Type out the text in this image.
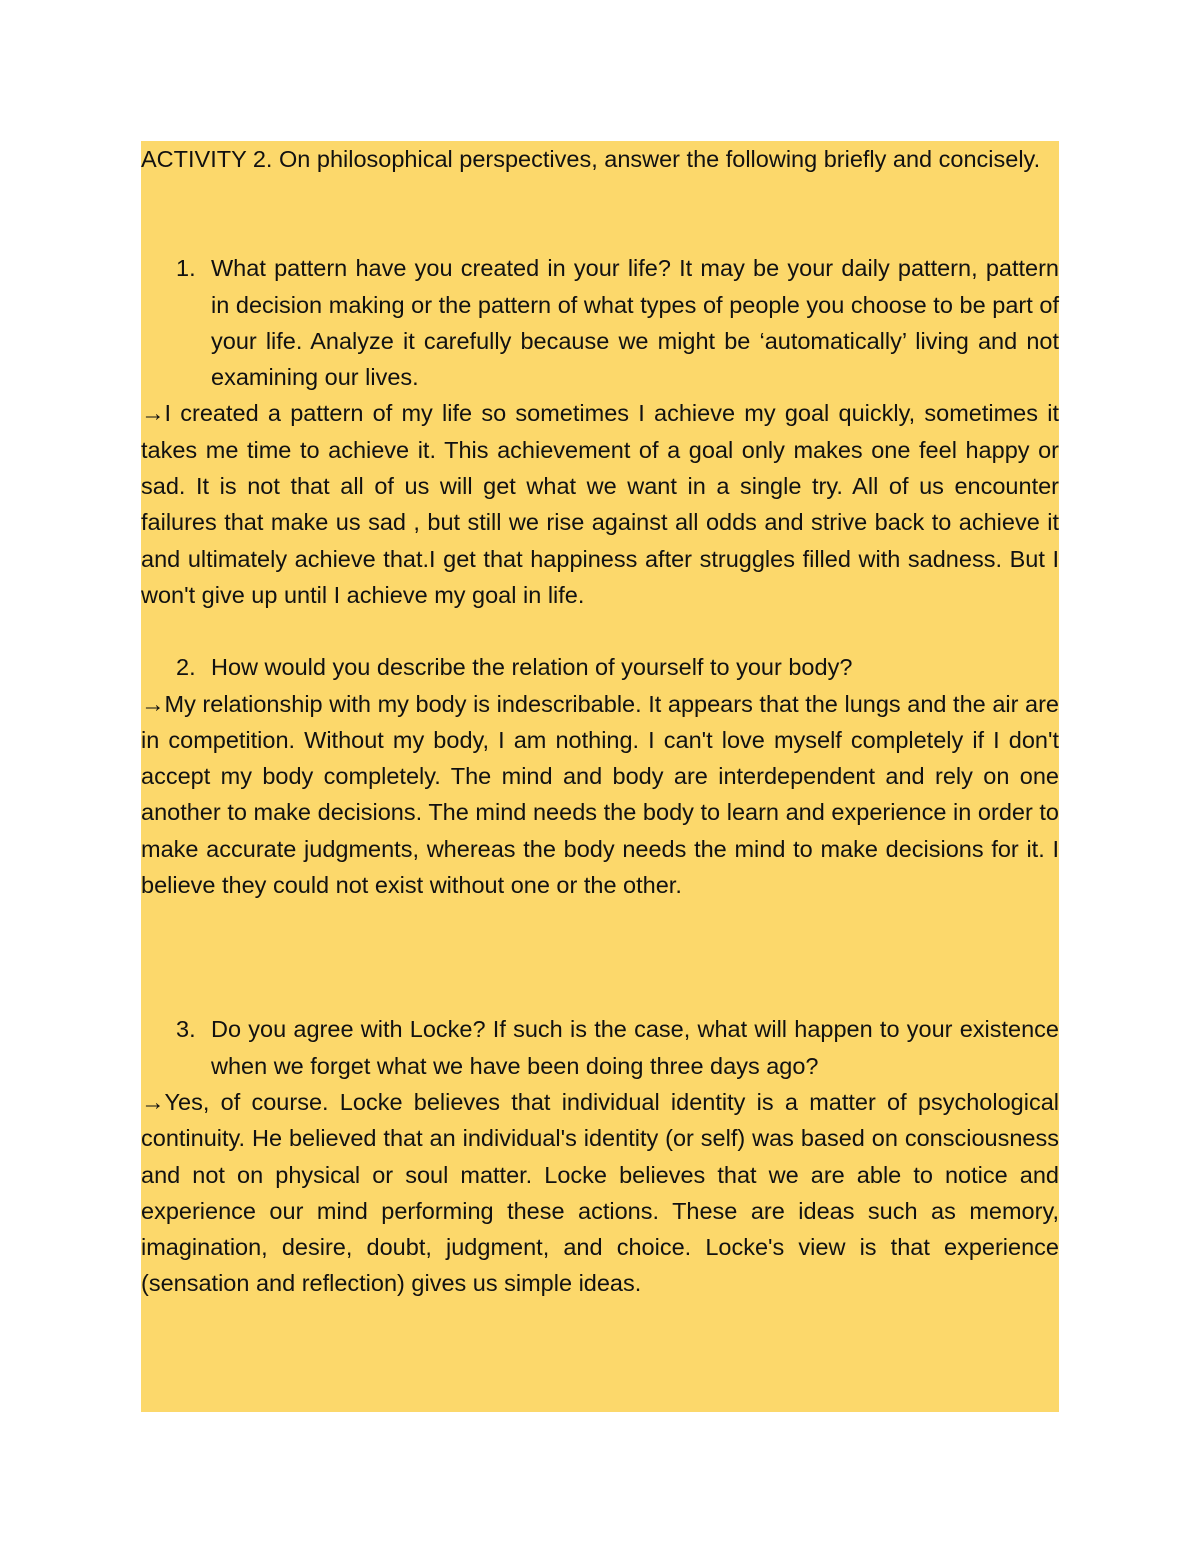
ACTIVITY 2. On philosophical perspectives, answer the following briefly and concisely.

1. What pattern have you created in your life? It may be your daily pattern, pattern in decision making or the pattern of what types of people you choose to be part of your life. Analyze it carefully because we might be ‘automatically’ living and not examining our lives.

→I created a pattern of my life so sometimes I achieve my goal quickly, sometimes it takes me time to achieve it. This achievement of a goal only makes one feel happy or sad. It is not that all of us will get what we want in a single try. All of us encounter failures that make us sad , but still we rise against all odds and strive back to achieve it and ultimately achieve that.I get that happiness after struggles filled with sadness. But I won't give up until I achieve my goal in life.

2. How would you describe the relation of yourself to your body?

→My relationship with my body is indescribable. It appears that the lungs and the air are in competition. Without my body, I am nothing. I can't love myself completely if I don't accept my body completely. The mind and body are interdependent and rely on one another to make decisions. The mind needs the body to learn and experience in order to make accurate judgments, whereas the body needs the mind to make decisions for it. I believe they could not exist without one or the other.

3. Do you agree with Locke? If such is the case, what will happen to your existence when we forget what we have been doing three days ago?

→Yes, of course. Locke believes that individual identity is a matter of psychological continuity. He believed that an individual's identity (or self) was based on consciousness and not on physical or soul matter. Locke believes that we are able to notice and experience our mind performing these actions. These are ideas such as memory, imagination, desire, doubt, judgment, and choice. Locke's view is that experience (sensation and reflection) gives us simple ideas.
